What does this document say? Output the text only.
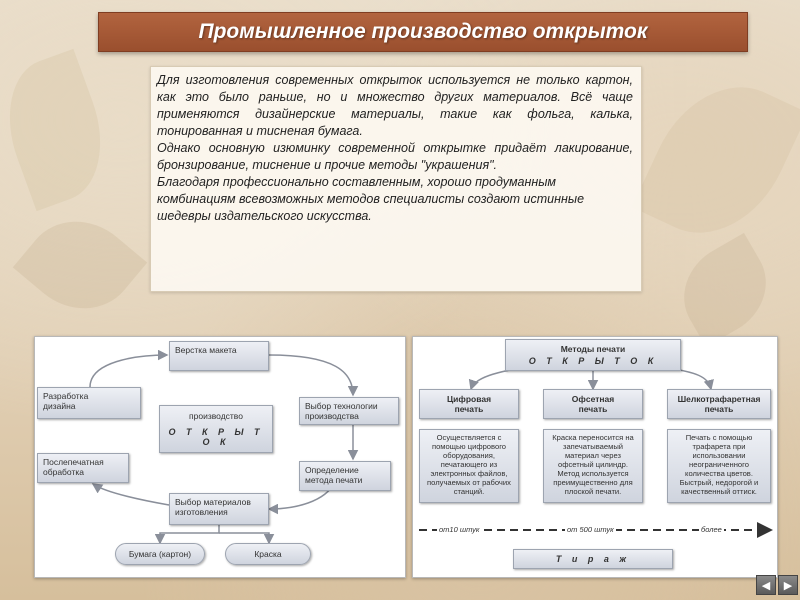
Промышленное производство открыток

Для изготовления современных открыток используется не только картон, как это было раньше, но и множество других материалов. Всё чаще применяются дизайнерские материалы, такие как фольга, калька, тонированная и тисненая бумага.

Однако основную изюминку современной открытке придаёт лакирование, бронзирование, тиснение и прочие методы "украшения".

Благодаря профессионально составленным, хорошо продуманным комбинациям всевозможных методов специалисты создают истинные шедевры издательского искусства.

Верстка макета
Разработка
дизайна	Выбор технологии
производства
производство
О Т К Р Ы Т О К
Послепечатная
обработка	Определение
метода печати
Выбор материалов
изготовления
Бумага (картон)	Краска
Методы печати
О Т К Р Ы Т О К
Цифровая
печать
Офсетная
печать
Шелкотрафаретная
печать
Осуществляется с помощью цифрового оборудования, печатающего из электронных файлов, получаемых от рабочих станций.
Краска переносится на запечатываемый материал через офсетный цилиндр. Метод используется преимущественно для плоской печати.
Печать с помощью трафарета при использовании неограниченного количества цветов. Быстрый, недорогой и качественный оттиск.
от10 штук	от 500 штук	более
Т и р а ж
◀ ▶
